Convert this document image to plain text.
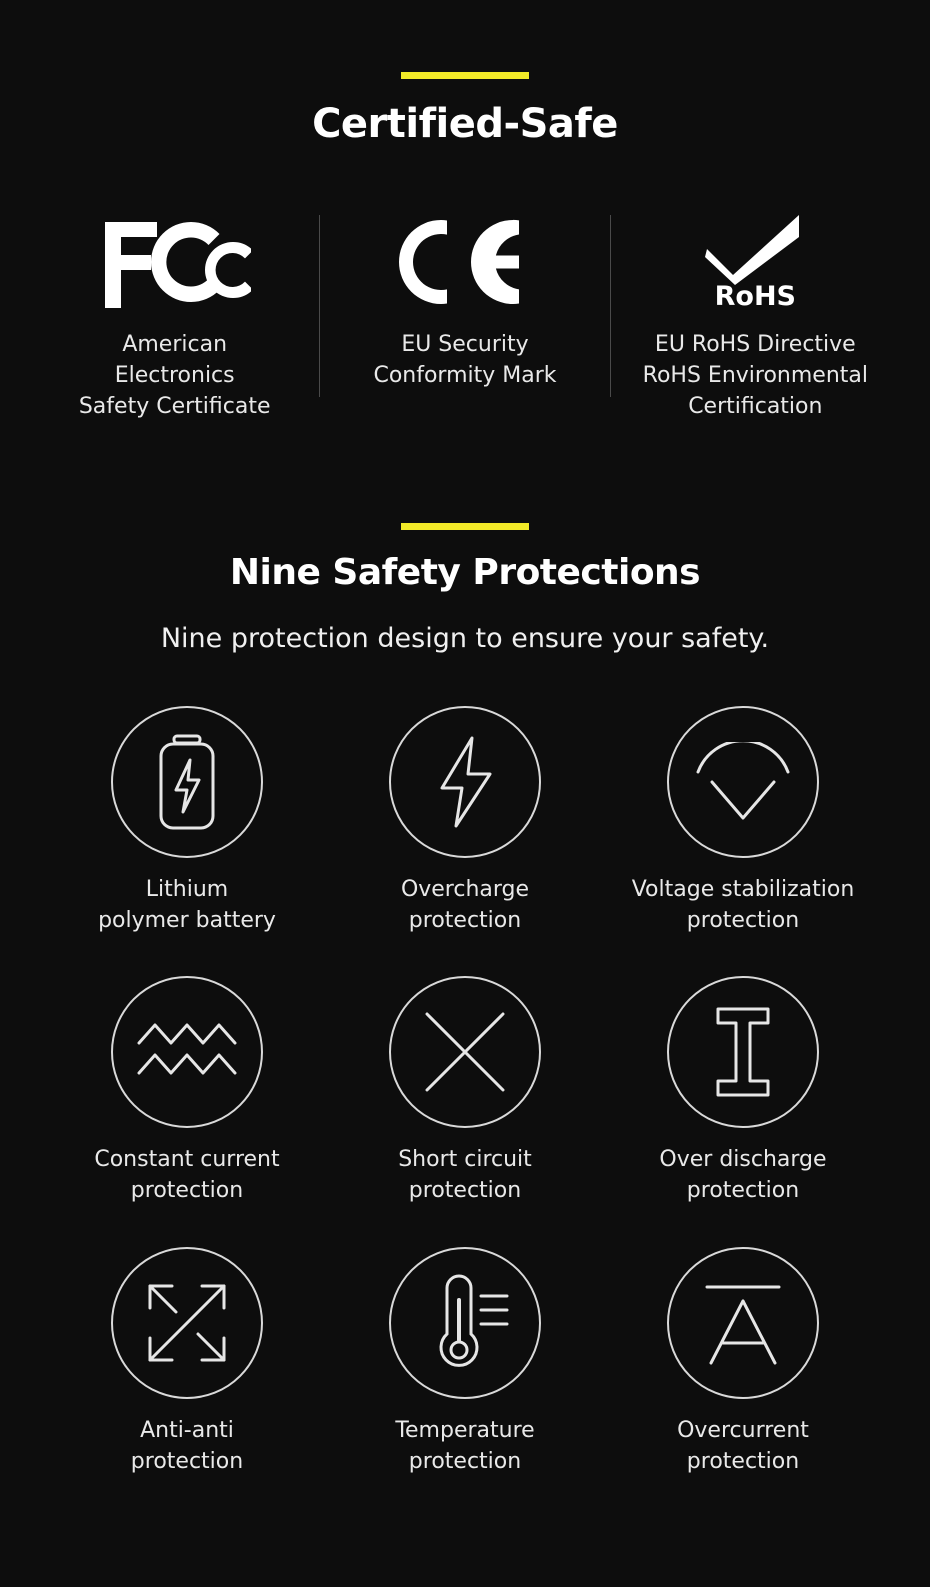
Certified-Safe
American
Electronics
Safety Certificate
EU Security
Conformity Mark
RoHS
EU RoHS Directive
RoHS Environmental
Certification
Nine Safety Protections
Nine protection design to ensure your safety.
Lithium
polymer battery
Overcharge
protection
Voltage stabilization
protection
Constant current
protection
Short circuit
protection
Over discharge
protection
Anti-anti
protection
Temperature
protection
Overcurrent
protection
